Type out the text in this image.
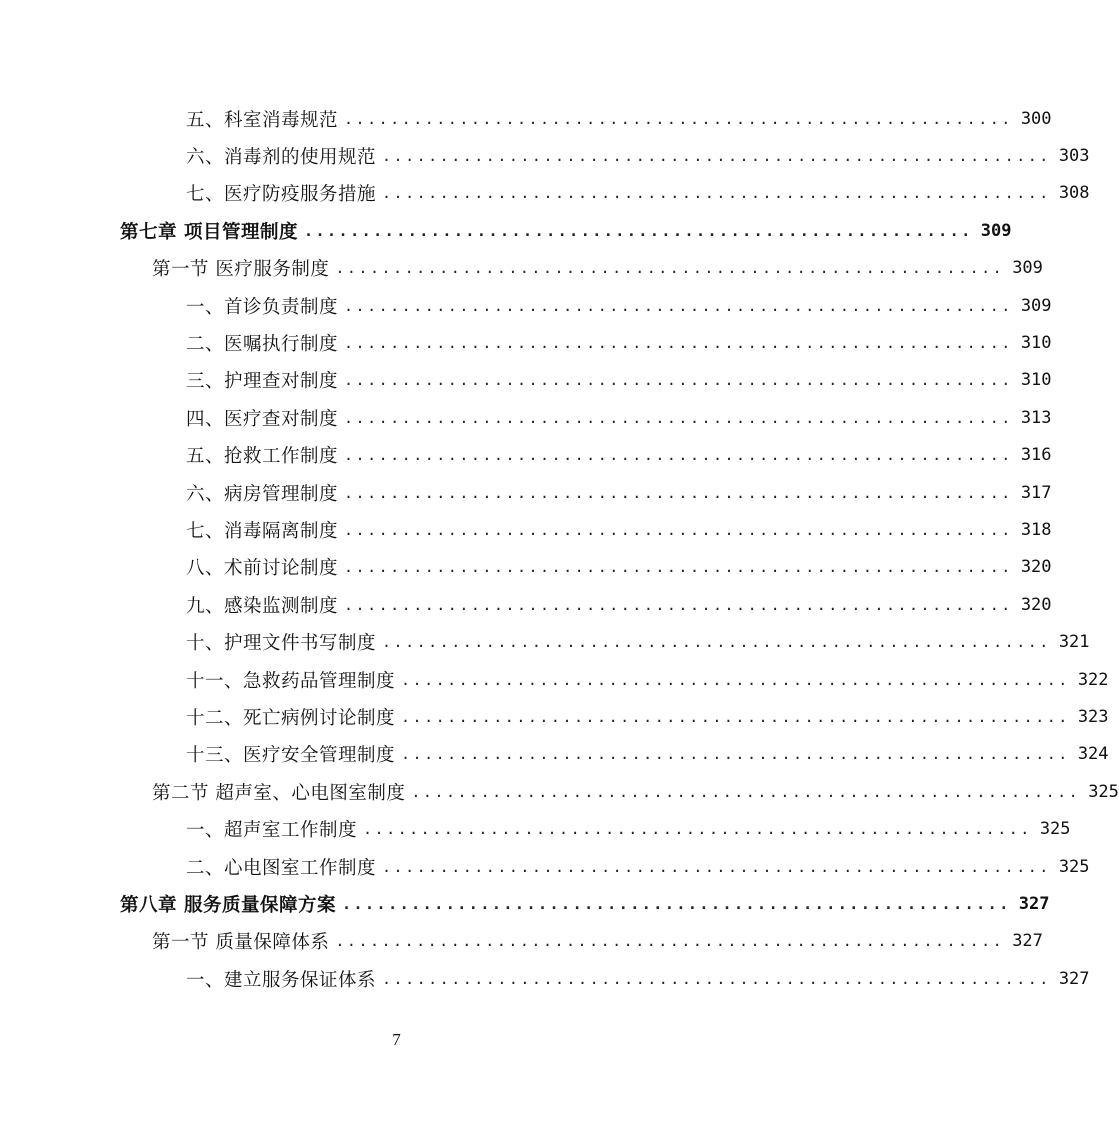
五、科室消毒规范 .......................................................... 300
六、消毒剂的使用规范 .......................................................... 303
七、医疗防疫服务措施 .......................................................... 308
第七章 项目管理制度 .......................................................... 309
第一节 医疗服务制度 .......................................................... 309
一、首诊负责制度 .......................................................... 309
二、医嘱执行制度 .......................................................... 310
三、护理查对制度 .......................................................... 310
四、医疗查对制度 .......................................................... 313
五、抢救工作制度 .......................................................... 316
六、病房管理制度 .......................................................... 317
七、消毒隔离制度 .......................................................... 318
八、术前讨论制度 .......................................................... 320
九、感染监测制度 .......................................................... 320
十、护理文件书写制度 .......................................................... 321
十一、急救药品管理制度 .......................................................... 322
十二、死亡病例讨论制度 .......................................................... 323
十三、医疗安全管理制度 .......................................................... 324
第二节 超声室、心电图室制度 .......................................................... 325
一、超声室工作制度 .......................................................... 325
二、心电图室工作制度 .......................................................... 325
第八章 服务质量保障方案 .......................................................... 327
第一节 质量保障体系 .......................................................... 327
一、建立服务保证体系 .......................................................... 327
7
